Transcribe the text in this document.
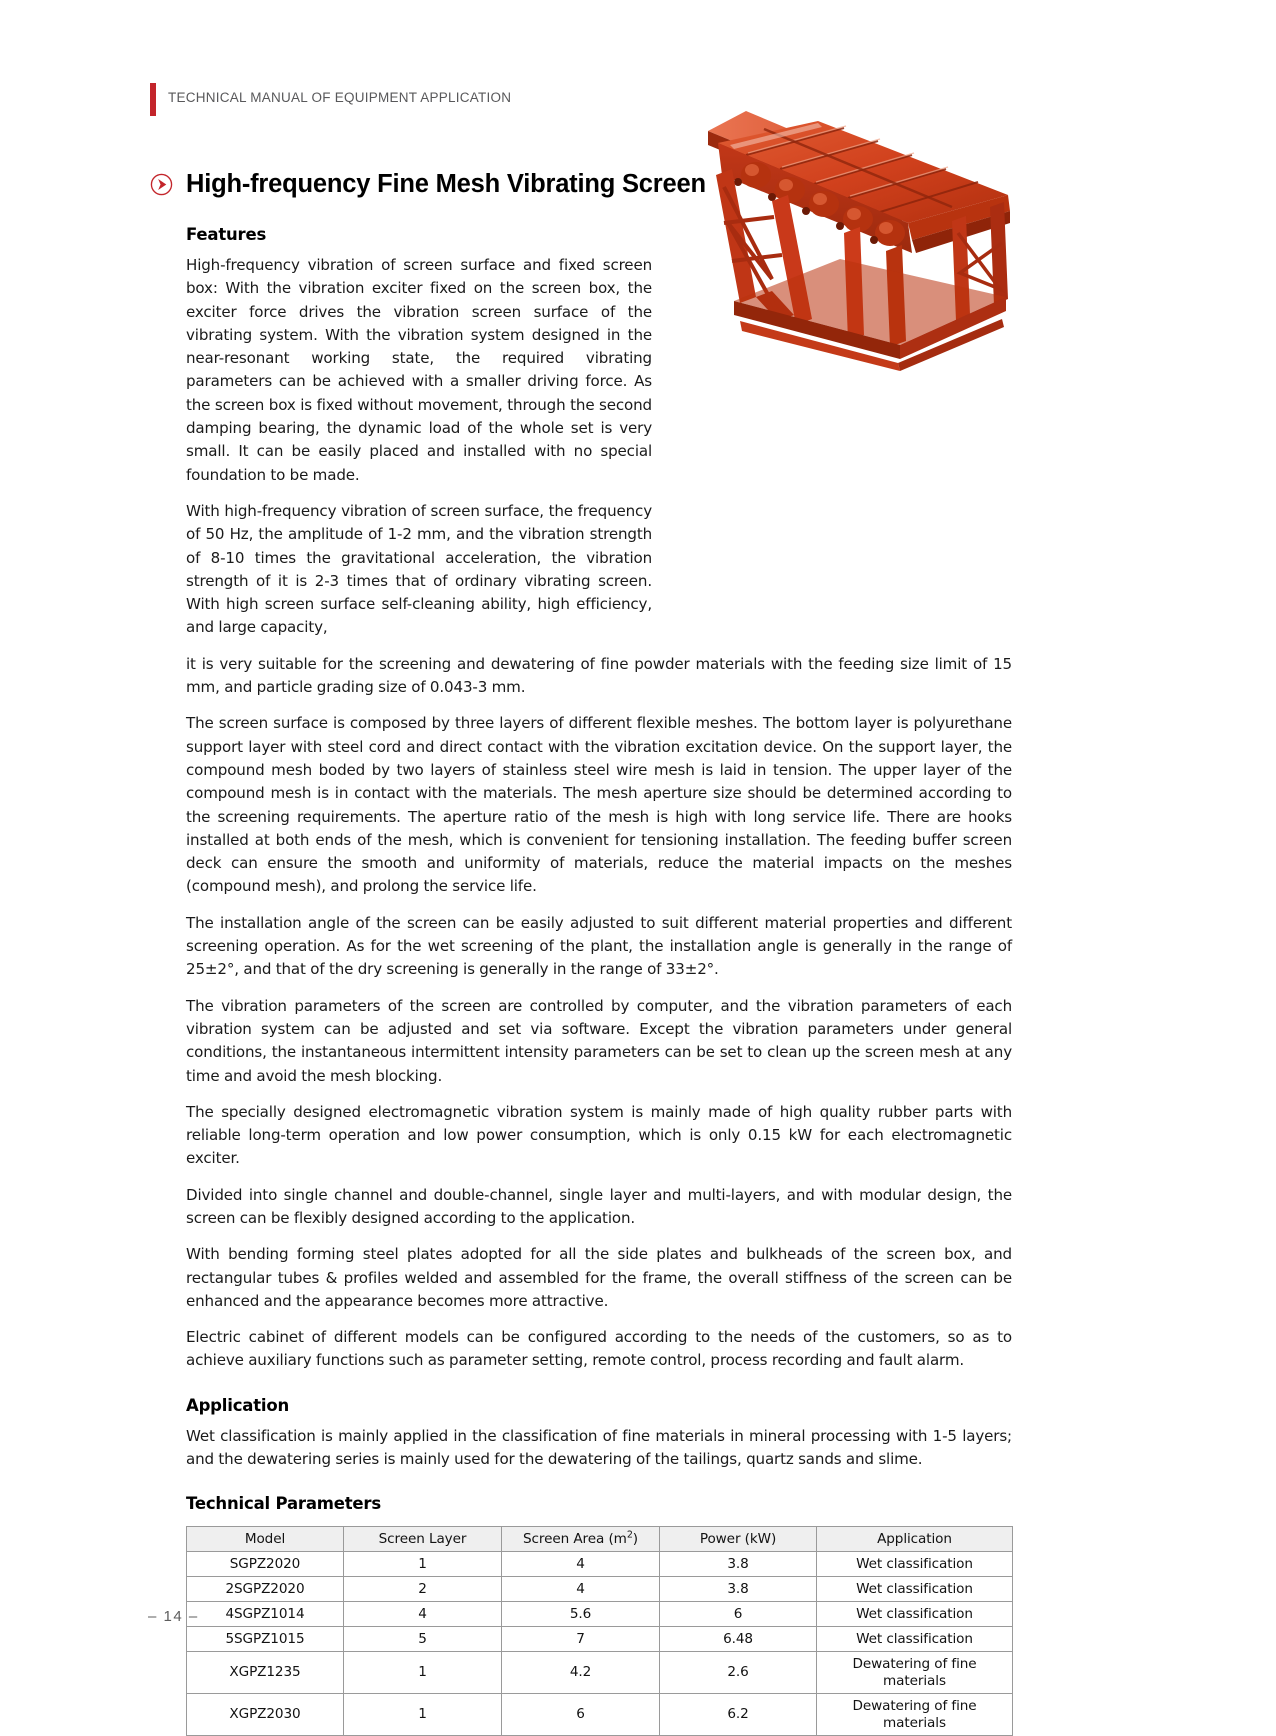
TECHNICAL MANUAL OF EQUIPMENT APPLICATION
High-frequency Fine Mesh Vibrating Screen
Features

High-frequency vibration of screen surface and fixed screen box: With the vibration exciter fixed on the screen box, the exciter force drives the vibration screen surface of the vibrating system. With the vibration system designed in the near-resonant working state, the required vibrating parameters can be achieved with a smaller driving force. As the screen box is fixed without movement, through the second damping bearing, the dynamic load of the whole set is very small. It can be easily placed and installed with no special foundation to be made.

With high-frequency vibration of screen surface, the frequency of 50 Hz, the amplitude of 1-2 mm, and the vibration strength of 8-10 times the gravitational acceleration, the vibration strength of it is 2-3 times that of ordinary vibrating screen. With high screen surface self-cleaning ability, high efficiency, and large capacity,

it is very suitable for the screening and dewatering of fine powder materials with the feeding size limit of 15 mm, and particle grading size of 0.043-3 mm.

The screen surface is composed by three layers of different flexible meshes. The bottom layer is polyurethane support layer with steel cord and direct contact with the vibration excitation device. On the support layer, the compound mesh boded by two layers of stainless steel wire mesh is laid in tension. The upper layer of the compound mesh is in contact with the materials. The mesh aperture size should be determined according to the screening requirements. The aperture ratio of the mesh is high with long service life. There are hooks installed at both ends of the mesh, which is convenient for tensioning installation. The feeding buffer screen deck can ensure the smooth and uniformity of materials, reduce the material impacts on the meshes (compound mesh), and prolong the service life.

The installation angle of the screen can be easily adjusted to suit different material properties and different screening operation. As for the wet screening of the plant, the installation angle is generally in the range of 25±2°, and that of the dry screening is generally in the range of 33±2°.

The vibration parameters of the screen are controlled by computer, and the vibration parameters of each vibration system can be adjusted and set via software. Except the vibration parameters under general conditions, the instantaneous intermittent intensity parameters can be set to clean up the screen mesh at any time and avoid the mesh blocking.

The specially designed electromagnetic vibration system is mainly made of high quality rubber parts with reliable long-term operation and low power consumption, which is only 0.15 kW for each electromagnetic exciter.

Divided into single channel and double-channel, single layer and multi-layers, and with modular design, the screen can be flexibly designed according to the application.

With bending forming steel plates adopted for all the side plates and bulkheads of the screen box, and rectangular tubes & profiles welded and assembled for the frame, the overall stiffness of the screen can be enhanced and the appearance becomes more attractive.

Electric cabinet of different models can be configured according to the needs of the customers, so as to achieve auxiliary functions such as parameter setting, remote control, process recording and fault alarm.

Application

Wet classification is mainly applied in the classification of fine materials in mineral processing with 1-5 layers; and the dewatering series is mainly used for the dewatering of the tailings, quartz sands and slime.

Technical Parameters
Model	Screen Layer	Screen Area $(m^2)$	Power (kW)	Application
SGPZ2020	1	4	3.8	Wet classification
2SGPZ2020	2	4	3.8	Wet classification
4SGPZ1014	4	5.6	6	Wet classification
5SGPZ1015	5	7	6.48	Wet classification
XGPZ1235	1	4.2	2.6	Dewatering of fine materials
XGPZ2030	1	6	6.2	Dewatering of fine materials
– 14 –
